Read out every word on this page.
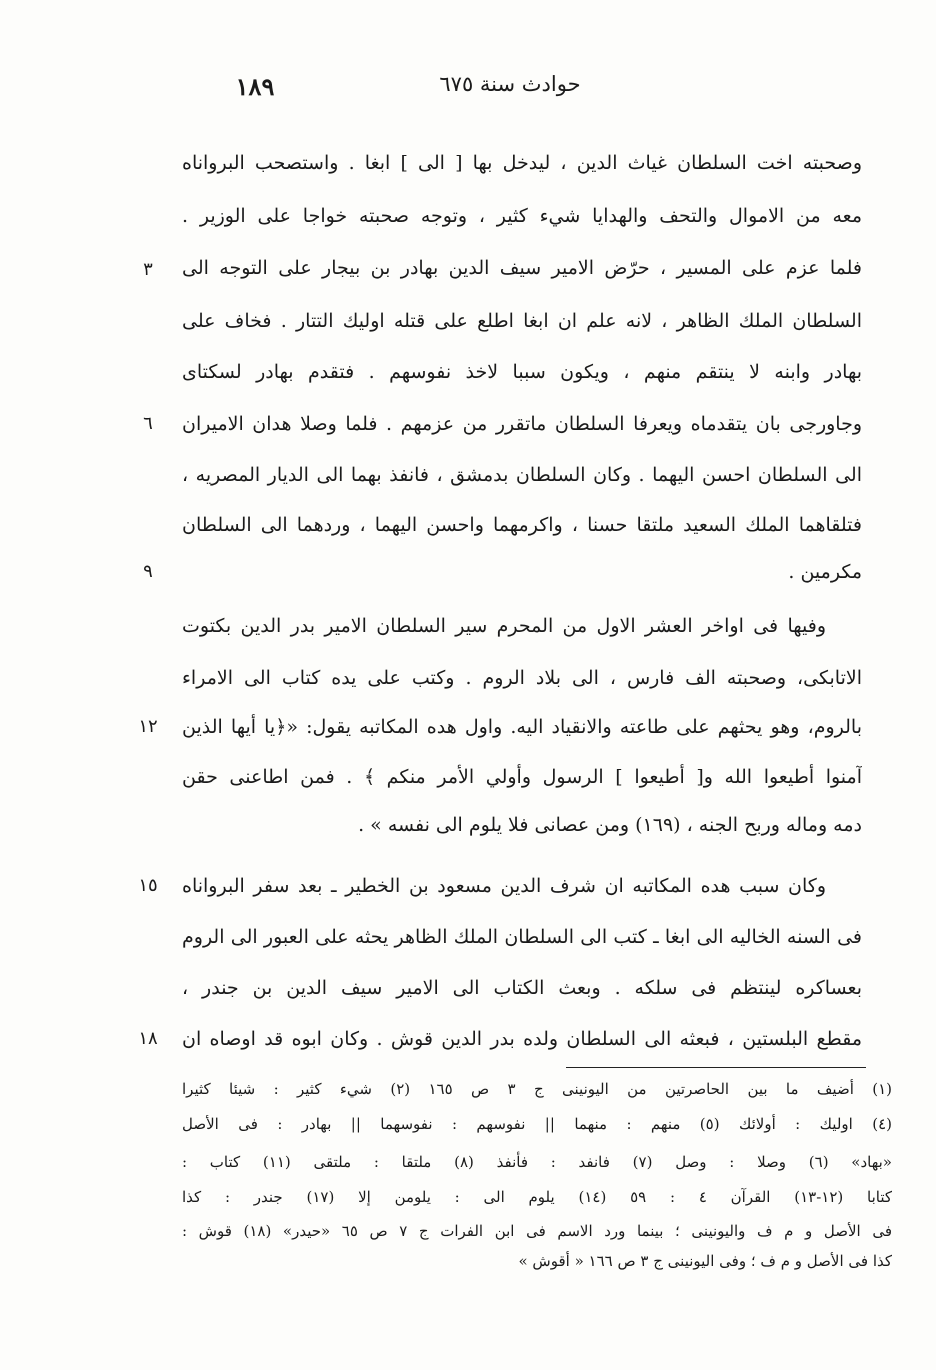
١٨٩	حوادث سنة ٦٧٥
وصحبته اخت السلطان غياث الدين ، ليدخل بها [ الى ] ابغا . واستصحب البرواناه
معه من الاموال والتحف والهدايا شيء كثير ، وتوجه صحبته خواجا على الوزير .
فلما عزم على المسير ، حرّض الامير سيف الدين بهادر بن بيجار على التوجه الى
السلطان الملك الظاهر ، لانه علم ان ابغا اطلع على قتله اوليك التتار . فخاف على
بهادر وابنه لا ينتقم منهم ، ويكون سببا لاخذ نفوسهم . فتقدم بهادر لسكتاى
وجاورجى بان يتقدماه ويعرفا السلطان ماتقرر من عزمهم . فلما وصلا هدان الاميران
الى السلطان احسن اليهما . وكان السلطان بدمشق ، فانفذ بهما الى الديار المصريه ،
فتلقاهما الملك السعيد ملتقا حسنا ، واكرمهما واحسن اليهما ، وردهما الى السلطان
مكرمين .
وفيها فى اواخر العشر الاول من المحرم سير السلطان الامير بدر الدين بكتوت
الاتابكى، وصحبته الف فارس ، الى بلاد الروم . وكتب على يده كتاب الى الامراء
بالروم، وهو يحثهم على طاعته والانقياد اليه. واول هده المكاتبه يقول: «﴿يا أيها الذين
آمنوا أطيعوا الله و[ أطيعوا ] الرسول وأولي الأمر منكم ﴾ . فمن اطاعنى حقن
دمه وماله وربح الجنه ، (١٦٩) ومن عصانى فلا يلوم الى نفسه » .
وكان سبب هده المكاتبه ان شرف الدين مسعود بن الخطير ـ بعد سفر البرواناه
فى السنه الخاليه الى ابغا ـ كتب الى السلطان الملك الظاهر يحثه على العبور الى الروم
بعساكره لينتظم فى سلكه . وبعث الكتاب الى الامير سيف الدين بن جندر ،
مقطع البلستين ، فبعثه الى السلطان ولده بدر الدين قوش . وكان ابوه قد اوصاه ان
٣
٦
٩
١٢
١٥
١٨
(١) أضيف ما بين الحاصرتين من اليونينى ج ٣ ص ١٦٥ (٢) شيء كثير : شيئا كثيرا
(٤) اوليك : أولائك (٥) منهم : منهما || نفوسهم : نفوسهما || بهادر : فى الأصل
«بهاد» (٦) وصلا : وصل (٧) فانفد : فأنفذ (٨) ملتقا : ملتقى (١١) كتاب :
كتابا (١٢-١٣) القرآن ٤ : ٥٩ (١٤) يلوم الى : يلومن إلا (١٧) جندر : كذا
فى الأصل و م ف واليونينى ؛ بينما ورد الاسم فى ابن الفرات ج ٧ ص ٦٥ «حيدر» (١٨) قوش :
كذا فى الأصل و م ف ؛ وفى اليونينى ج ٣ ص ١٦٦ « أقوش »
